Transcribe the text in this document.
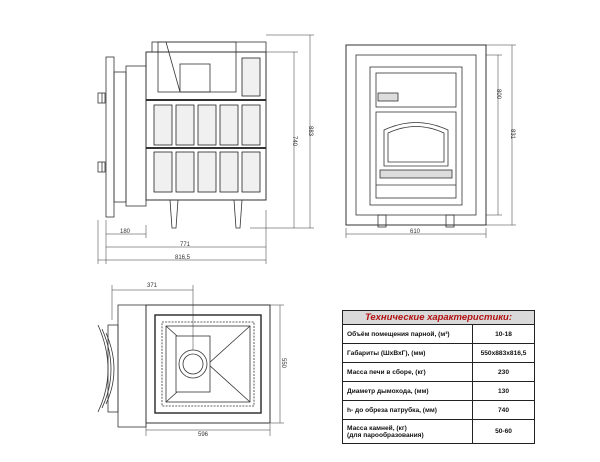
180
771
816,5
740
883
610
800
831
371
596
550
Технические характеристики:
Объём помещения парной, (м³)	10-18
Габариты (ШхВхГ), (мм)	550х883х816,5
Масса печи в сборе, (кг)	230
Диаметр дымохода, (мм)	130
h- до обреза патрубка, (мм)	740
Масса камней, (кг)
(для парообразования)	50-60
